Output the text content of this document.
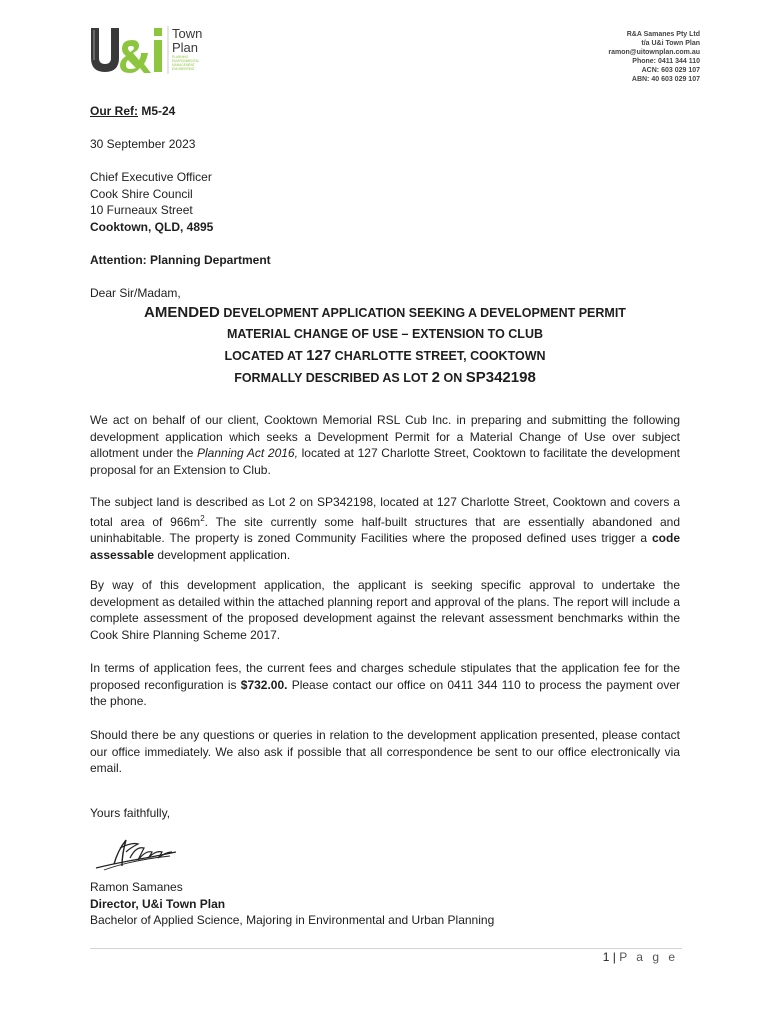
Town
Plan
PLANNING
ENVIRONMENTAL
MANAGEMENT
ENGINEERING
R&A Samanes Pty Ltd
t/a U&i Town Plan
ramon@uitownplan.com.au
Phone: 0411 344 110
ACN: 603 029 107
ABN: 40 603 029 107
Our Ref: M5-24
30 September 2023
Chief Executive Officer
Cook Shire Council
10 Furneaux Street
Cooktown, QLD, 4895
Attention: Planning Department
Dear Sir/Madam,
AMENDED DEVELOPMENT APPLICATION SEEKING A DEVELOPMENT PERMIT
MATERIAL CHANGE OF USE – EXTENSION TO CLUB
LOCATED AT 127 CHARLOTTE STREET, COOKTOWN
FORMALLY DESCRIBED AS LOT 2 ON SP342198
We act on behalf of our client, Cooktown Memorial RSL Cub Inc. in preparing and submitting the following development application which seeks a Development Permit for a Material Change of Use over subject allotment under the Planning Act 2016, located at 127 Charlotte Street, Cooktown to facilitate the development proposal for an Extension to Club.
The subject land is described as Lot 2 on SP342198, located at 127 Charlotte Street, Cooktown and covers a total area of $966m^2$. The site currently some half-built structures that are essentially abandoned and uninhabitable. The property is zoned Community Facilities where the proposed defined uses trigger a code assessable development application.
By way of this development application, the applicant is seeking specific approval to undertake the development as detailed within the attached planning report and approval of the plans. The report will include a complete assessment of the proposed development against the relevant assessment benchmarks within the Cook Shire Planning Scheme 2017.
In terms of application fees, the current fees and charges schedule stipulates that the application fee for the proposed reconfiguration is $732.00. Please contact our office on 0411 344 110 to process the payment over the phone.
Should there be any questions or queries in relation to the development application presented, please contact our office immediately. We also ask if possible that all correspondence be sent to our office electronically via email.
Yours faithfully,
Ramon Samanes
Director, U&i Town Plan
Bachelor of Applied Science, Majoring in Environmental and Urban Planning
1 | P a g e
